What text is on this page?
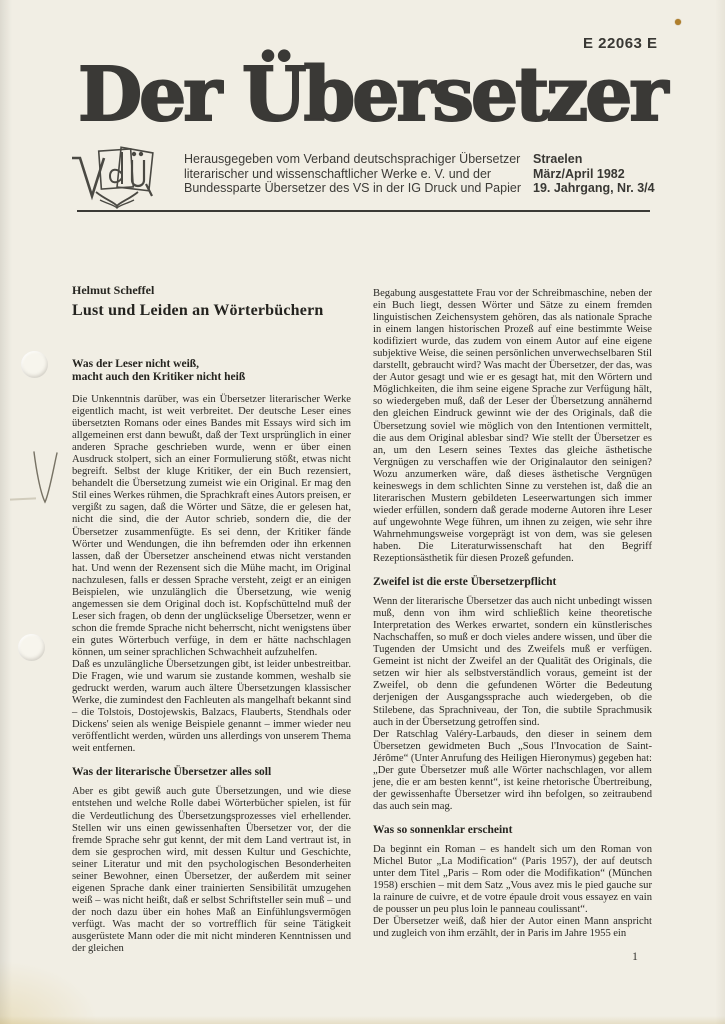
E 22063 E
Der Übersetzer
Herausgegeben vom Verband deutschsprachiger Übersetzer
literarischer und wissenschaftlicher Werke e. V. und der
Bundessparte Übersetzer des VS in der IG Druck und Papier
Straelen
März/April 1982
19. Jahrgang, Nr. 3/4
Helmut Scheffel
Lust und Leiden an Wörterbüchern
Was der Leser nicht weiß,
macht auch den Kritiker nicht heiß

Die Unkenntnis darüber, was ein Übersetzer literarischer Werke eigentlich macht, ist weit verbreitet. Der deutsche Leser eines übersetzten Romans oder eines Bandes mit Essays wird sich im allgemeinen erst dann bewußt, daß der Text ursprünglich in einer anderen Sprache geschrieben wurde, wenn er über einen Ausdruck stolpert, sich an einer Formulierung stößt, etwas nicht begreift. Selbst der kluge Kritiker, der ein Buch rezensiert, behandelt die Übersetzung zumeist wie ein Original. Er mag den Stil eines Werkes rühmen, die Sprachkraft eines Autors preisen, er vergißt zu sagen, daß die Wörter und Sätze, die er gelesen hat, nicht die sind, die der Autor schrieb, sondern die, die der Übersetzer zusammenfügte. Es sei denn, der Kritiker fände Wörter und Wendungen, die ihn befremden oder ihn erkennen lassen, daß der Übersetzer anscheinend etwas nicht verstanden hat. Und wenn der Rezensent sich die Mühe macht, im Original nachzulesen, falls er dessen Sprache versteht, zeigt er an einigen Beispielen, wie unzulänglich die Übersetzung, wie wenig angemessen sie dem Original doch ist. Kopfschüttelnd muß der Leser sich fragen, ob denn der unglückselige Übersetzer, wenn er schon die fremde Sprache nicht beherrscht, nicht wenigstens über ein gutes Wörterbuch verfüge, in dem er hätte nachschlagen können, um seiner sprachlichen Schwachheit aufzuhelfen.

Daß es unzulängliche Übersetzungen gibt, ist leider unbestreitbar. Die Fragen, wie und warum sie zustande kommen, weshalb sie gedruckt werden, warum auch ältere Übersetzungen klassischer Werke, die zumindest den Fachleuten als mangelhaft bekannt sind – die Tolstois, Dostojewskis, Balzacs, Flauberts, Stendhals oder Dickens' seien als wenige Beispiele genannt – immer wieder neu veröffentlicht werden, würden uns allerdings von unserem Thema weit entfernen.

Was der literarische Übersetzer alles soll

Aber es gibt gewiß auch gute Übersetzungen, und wie diese entstehen und welche Rolle dabei Wörterbücher spielen, ist für die Verdeutlichung des Übersetzungsprozesses viel erhellender. Stellen wir uns einen gewissenhaften Übersetzer vor, der die fremde Sprache sehr gut kennt, der mit dem Land vertraut ist, in dem sie gesprochen wird, mit dessen Kultur und Geschichte, seiner Literatur und mit den psychologischen Besonderheiten seiner Bewohner, einen Übersetzer, der außerdem mit seiner eigenen Sprache dank einer trainierten Sensibilität umzugehen weiß – was nicht heißt, daß er selbst Schriftsteller sein muß – und der noch dazu über ein hohes Maß an Einfühlungsvermögen verfügt. Was macht der so vortrefflich für seine Tätigkeit ausgerüstete Mann oder die mit nicht minderen Kenntnissen und der gleichen

Begabung ausgestattete Frau vor der Schreibmaschine, neben der ein Buch liegt, dessen Wörter und Sätze zu einem fremden linguistischen Zeichensystem gehören, das als nationale Sprache in einem langen historischen Prozeß auf eine bestimmte Weise kodifiziert wurde, das zudem von einem Autor auf eine eigene subjektive Weise, die seinen persönlichen unverwechselbaren Stil darstellt, gebraucht wird? Was macht der Übersetzer, der das, was der Autor gesagt und wie er es gesagt hat, mit den Wörtern und Möglichkeiten, die ihm seine eigene Sprache zur Verfügung hält, so wiedergeben muß, daß der Leser der Übersetzung annähernd den gleichen Eindruck gewinnt wie der des Originals, daß die Übersetzung soviel wie möglich von den Intentionen vermittelt, die aus dem Original ablesbar sind? Wie stellt der Übersetzer es an, um den Lesern seines Textes das gleiche ästhetische Vergnügen zu verschaffen wie der Originalautor den seinigen? Wozu anzumerken wäre, daß dieses ästhetische Vergnügen keineswegs in dem schlichten Sinne zu verstehen ist, daß die an literarischen Mustern gebildeten Leseerwartungen sich immer wieder erfüllen, sondern daß gerade moderne Autoren ihre Leser auf ungewohnte Wege führen, um ihnen zu zeigen, wie sehr ihre Wahrnehmungsweise vorgeprägt ist von dem, was sie gelesen haben. Die Literaturwissenschaft hat den Begriff Rezeptionsästhetik für diesen Prozeß gefunden.

Zweifel ist die erste Übersetzerpflicht

Wenn der literarische Übersetzer das auch nicht unbedingt wissen muß, denn von ihm wird schließlich keine theoretische Interpretation des Werkes erwartet, sondern ein künstlerisches Nachschaffen, so muß er doch vieles andere wissen, und über die Tugenden der Umsicht und des Zweifels muß er verfügen. Gemeint ist nicht der Zweifel an der Qualität des Originals, die setzen wir hier als selbstverständlich voraus, gemeint ist der Zweifel, ob denn die gefundenen Wörter die Bedeutung derjenigen der Ausgangssprache auch wiedergeben, ob die Stilebene, das Sprachniveau, der Ton, die subtile Sprachmusik auch in der Übersetzung getroffen sind.

Der Ratschlag Valéry-Larbauds, den dieser in seinem dem Übersetzen gewidmeten Buch „Sous l'Invocation de Saint-Jérôme“ (Unter Anrufung des Heiligen Hieronymus) gegeben hat: „Der gute Übersetzer muß alle Wörter nachschlagen, vor allem jene, die er am besten kennt“, ist keine rhetorische Übertreibung, der gewissenhafte Übersetzer wird ihn befolgen, so zeitraubend das auch sein mag.

Was so sonnenklar erscheint

Da beginnt ein Roman – es handelt sich um den Roman von Michel Butor „La Modification“ (Paris 1957), der auf deutsch unter dem Titel „Paris – Rom oder die Modifikation“ (München 1958) erschien – mit dem Satz „Vous avez mis le pied gauche sur la rainure de cuivre, et de votre épaule droit vous essayez en vain de pousser un peu plus loin le panneau coulissant“.

Der Übersetzer weiß, daß hier der Autor einen Mann anspricht und zugleich von ihm erzählt, der in Paris im Jahre 1955 ein

1
